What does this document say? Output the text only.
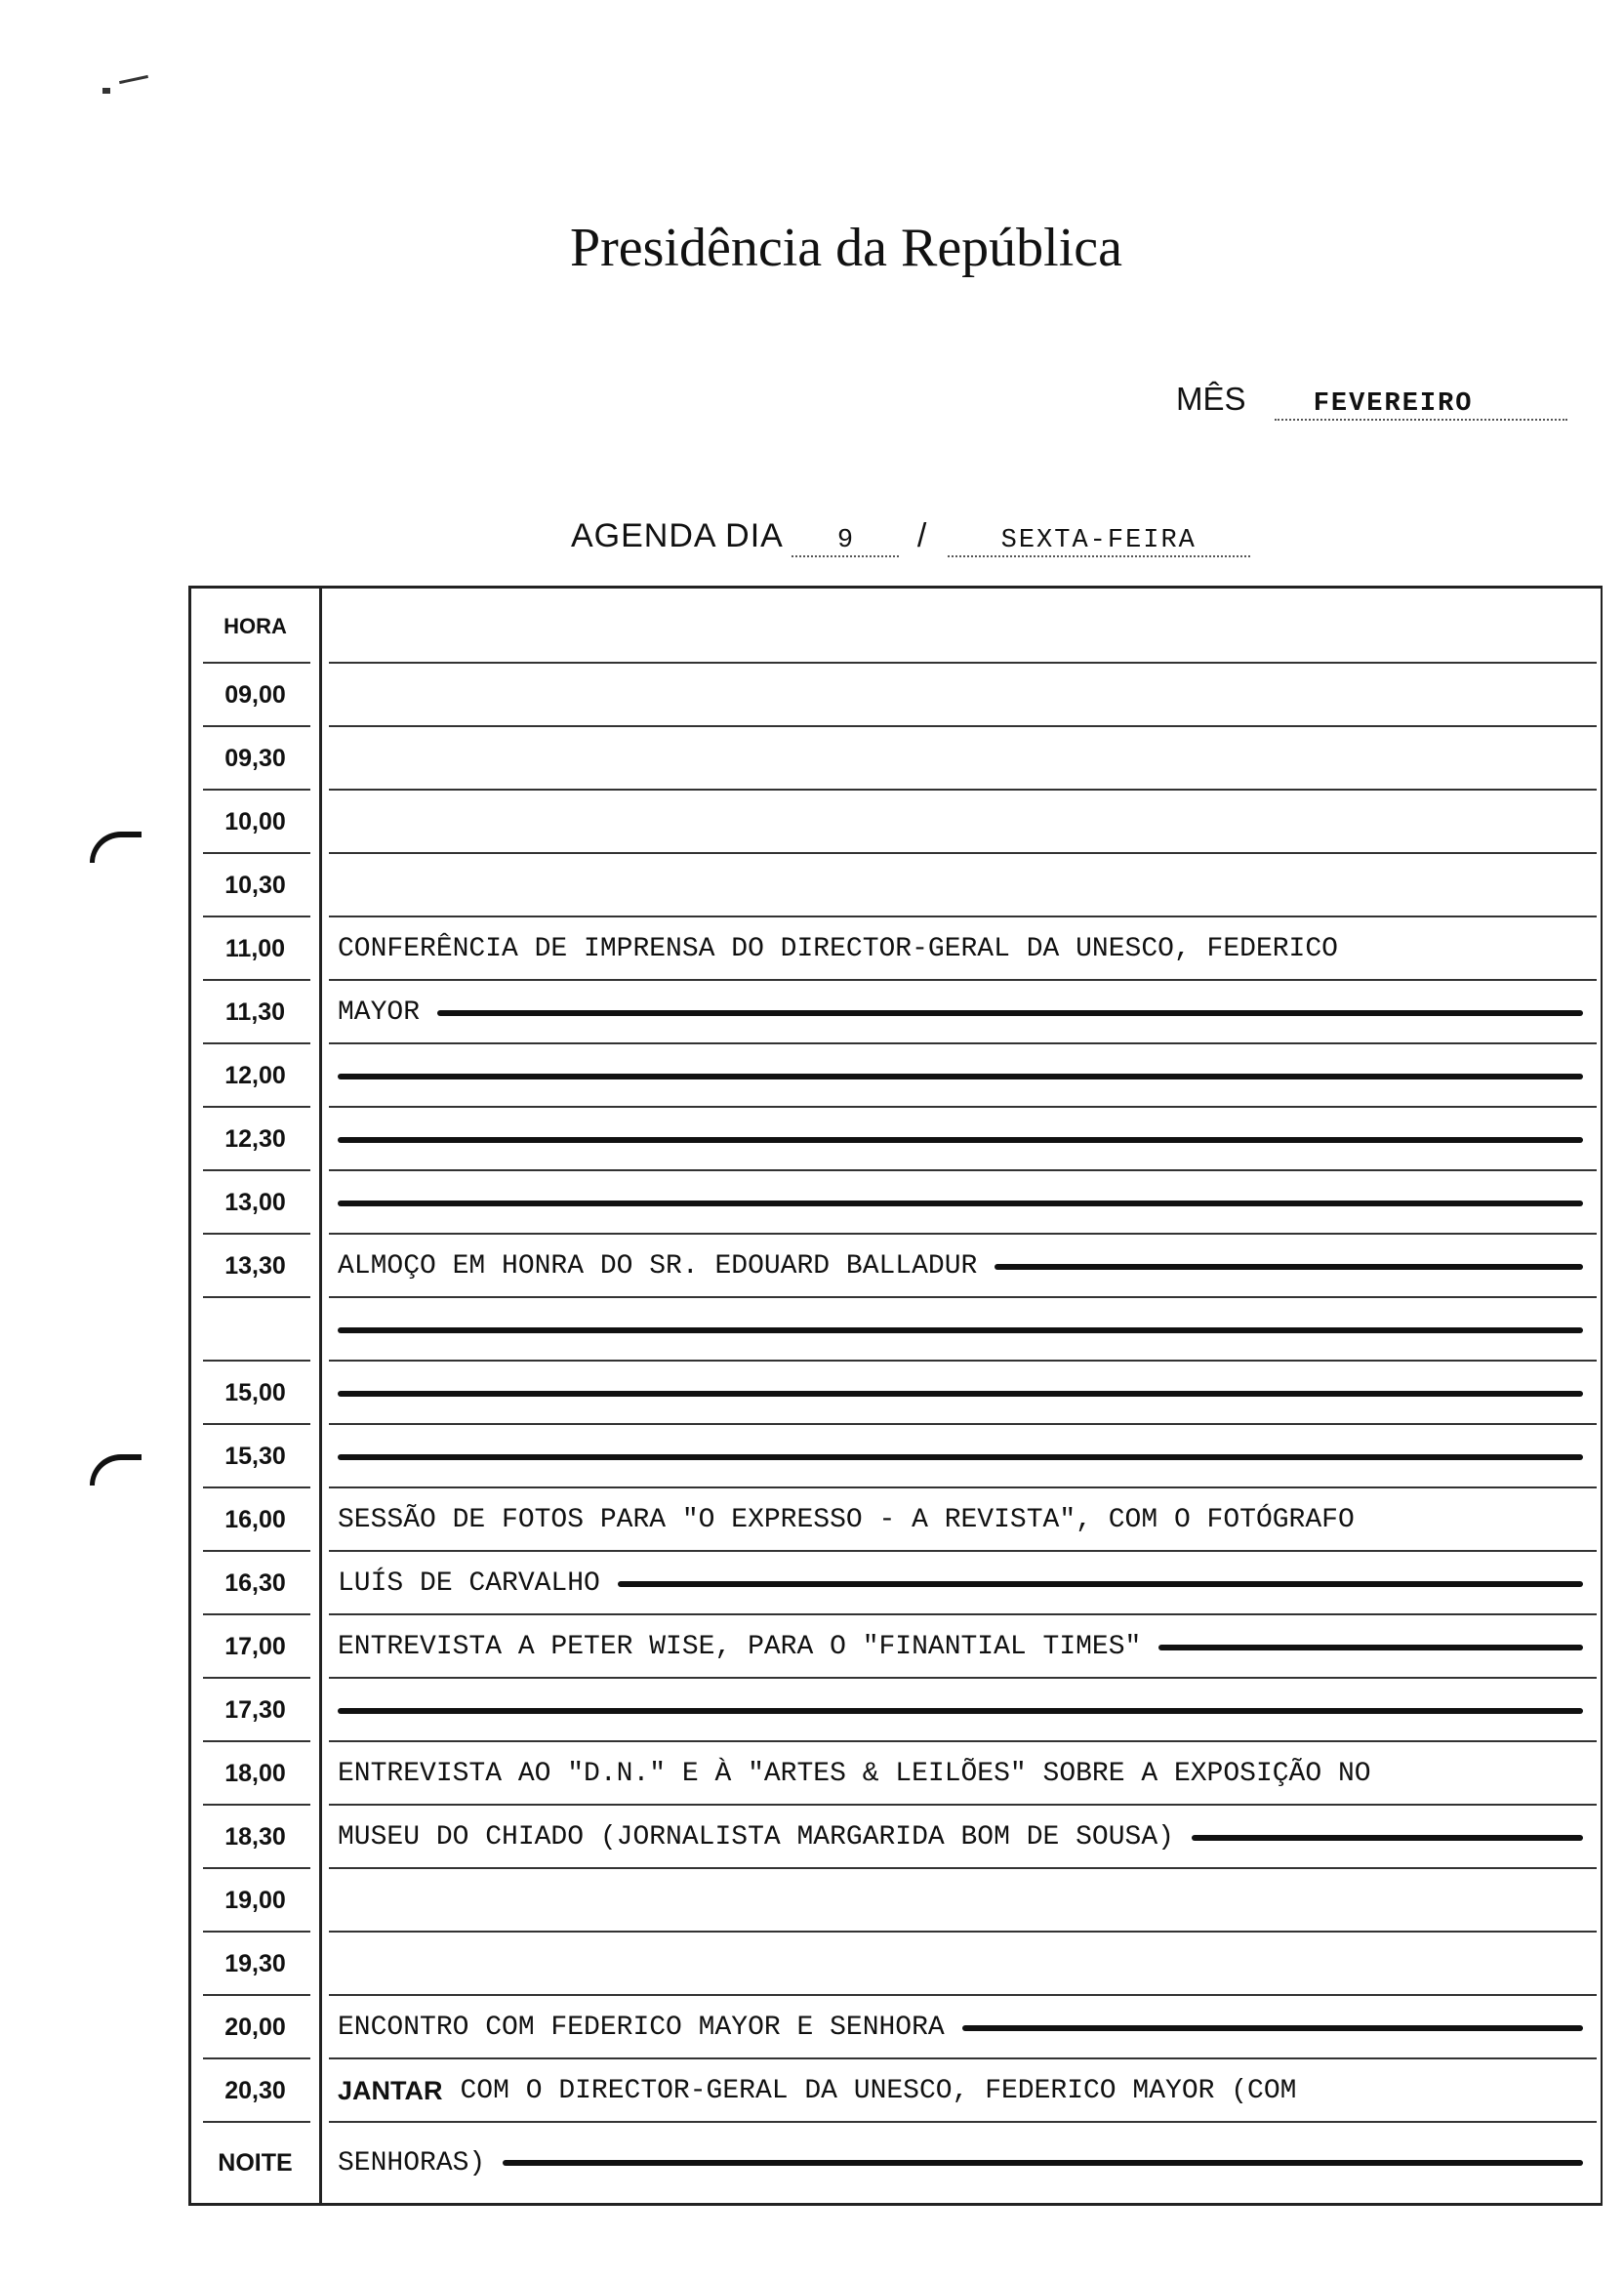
Presidência da República
MÊS	FEVEREIRO
AGENDA DIA 9 /	SEXTA-FEIRA
HORA
09,00
09,30
10,00
10,30
11,00	CONFERÊNCIA DE IMPRENSA DO DIRECTOR-GERAL DA UNESCO, FEDERICO
11,30	MAYOR
12,00
12,30
13,00
13,30	ALMOÇO EM HONRA DO SR. EDOUARD BALLADUR
15,00
15,30
16,00	SESSÃO DE FOTOS PARA "O EXPRESSO - A REVISTA", COM O FOTÓGRAFO
16,30	LUÍS DE CARVALHO
17,00	ENTREVISTA A PETER WISE, PARA O "FINANTIAL TIMES"
17,30
18,00	ENTREVISTA AO "D.N." E À "ARTES & LEILÕES" SOBRE A EXPOSIÇÃO NO
18,30	MUSEU DO CHIADO (JORNALISTA MARGARIDA BOM DE SOUSA)
19,00
19,30
20,00	ENCONTRO COM FEDERICO MAYOR E SENHORA
20,30	JANTAR COM O DIRECTOR-GERAL DA UNESCO, FEDERICO MAYOR (COM
NOITE	SENHORAS)
